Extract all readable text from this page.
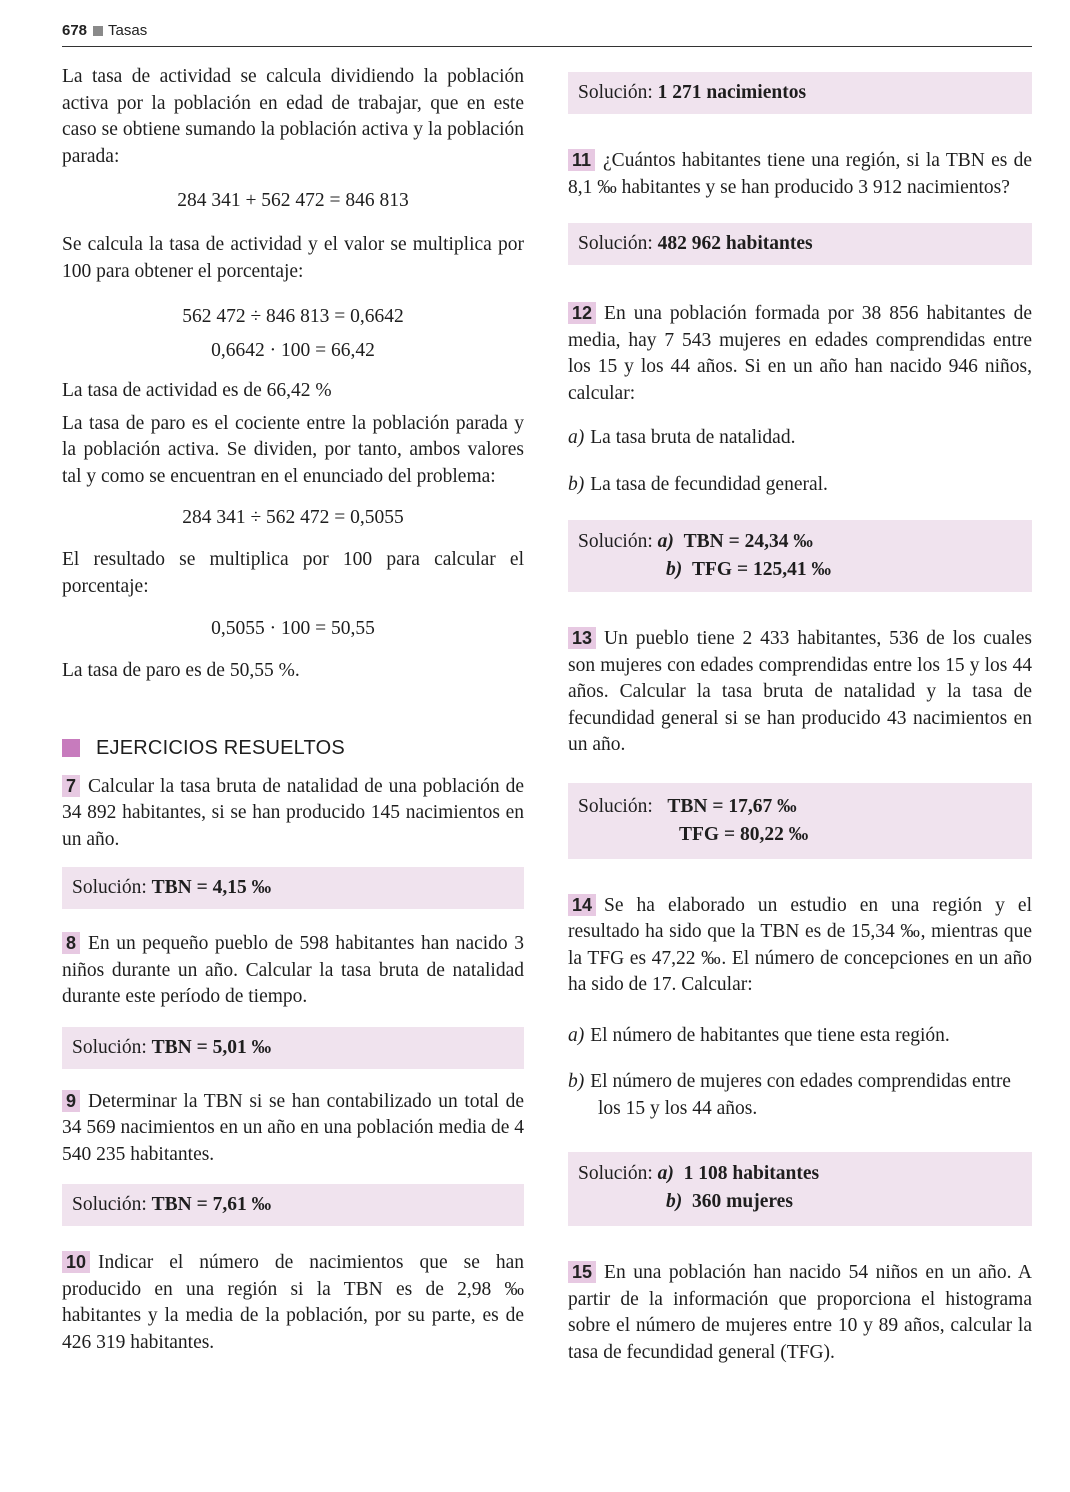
678 Tasas

La tasa de actividad se calcula dividiendo la población activa por la población en edad de trabajar, que en este caso se obtiene sumando la población activa y la población parada:

284 341 + 562 472 = 846 813

Se calcula la tasa de actividad y el valor se multiplica por 100 para obtener el porcentaje:

562 472 ÷ 846 813 = 0,6642

0,6642 · 100 = 66,42

La tasa de actividad es de 66,42 %

La tasa de paro es el cociente entre la población parada y la población activa. Se dividen, por tanto, ambos valores tal y como se encuentran en el enunciado del problema:

284 341 ÷ 562 472 = 0,5055

El resultado se multiplica por 100 para calcular el porcentaje:

0,5055 · 100 = 50,55

La tasa de paro es de 50,55 %.

EJERCICIOS RESUELTOS

7 Calcular la tasa bruta de natalidad de una población de 34 892 habitantes, si se han producido 145 nacimientos en un año.

Solución: TBN = 4,15 ‰

8 En un pequeño pueblo de 598 habitantes han nacido 3 niños durante un año. Calcular la tasa bruta de natalidad durante este período de tiempo.

Solución: TBN = 5,01 ‰

9 Determinar la TBN si se han contabilizado un total de 34 569 nacimientos en un año en una población media de 4 540 235 habitantes.

Solución: TBN = 7,61 ‰

10 Indicar el número de nacimientos que se han producido en una región si la TBN es de 2,98 ‰ habitantes y la media de la población, por su parte, es de 426 319 habitantes.

Solución: 1 271 nacimientos

11 ¿Cuántos habitantes tiene una región, si la TBN es de 8,1 ‰ habitantes y se han producido 3 912 nacimientos?

Solución: 482 962 habitantes

12 En una población formada por 38 856 habitantes de media, hay 7 543 mujeres en edades comprendidas entre los 15 y los 44 años. Si en un año han nacido 946 niños, calcular:

a) La tasa bruta de natalidad.

b) La tasa de fecundidad general.

Solución: a) TBN = 24,34 ‰
b) TFG = 125,41 ‰

13 Un pueblo tiene 2 433 habitantes, 536 de los cuales son mujeres con edades comprendidas entre los 15 y los 44 años. Calcular la tasa bruta de natalidad y la tasa de fecundidad general si se han producido 43 nacimientos en un año.

Solución: TBN = 17,67 ‰
TFG = 80,22 ‰

14 Se ha elaborado un estudio en una región y el resultado ha sido que la TBN es de 15,34 ‰, mientras que la TFG es 47,22 ‰. El número de concepciones en un año ha sido de 17. Calcular:

a) El número de habitantes que tiene esta región.

b) El número de mujeres con edades comprendidas entre los 15 y los 44 años.

Solución: a) 1 108 habitantes
b) 360 mujeres

15 En una población han nacido 54 niños en un año. A partir de la información que proporciona el histograma sobre el número de mujeres entre 10 y 89 años, calcular la tasa de fecundidad general (TFG).
